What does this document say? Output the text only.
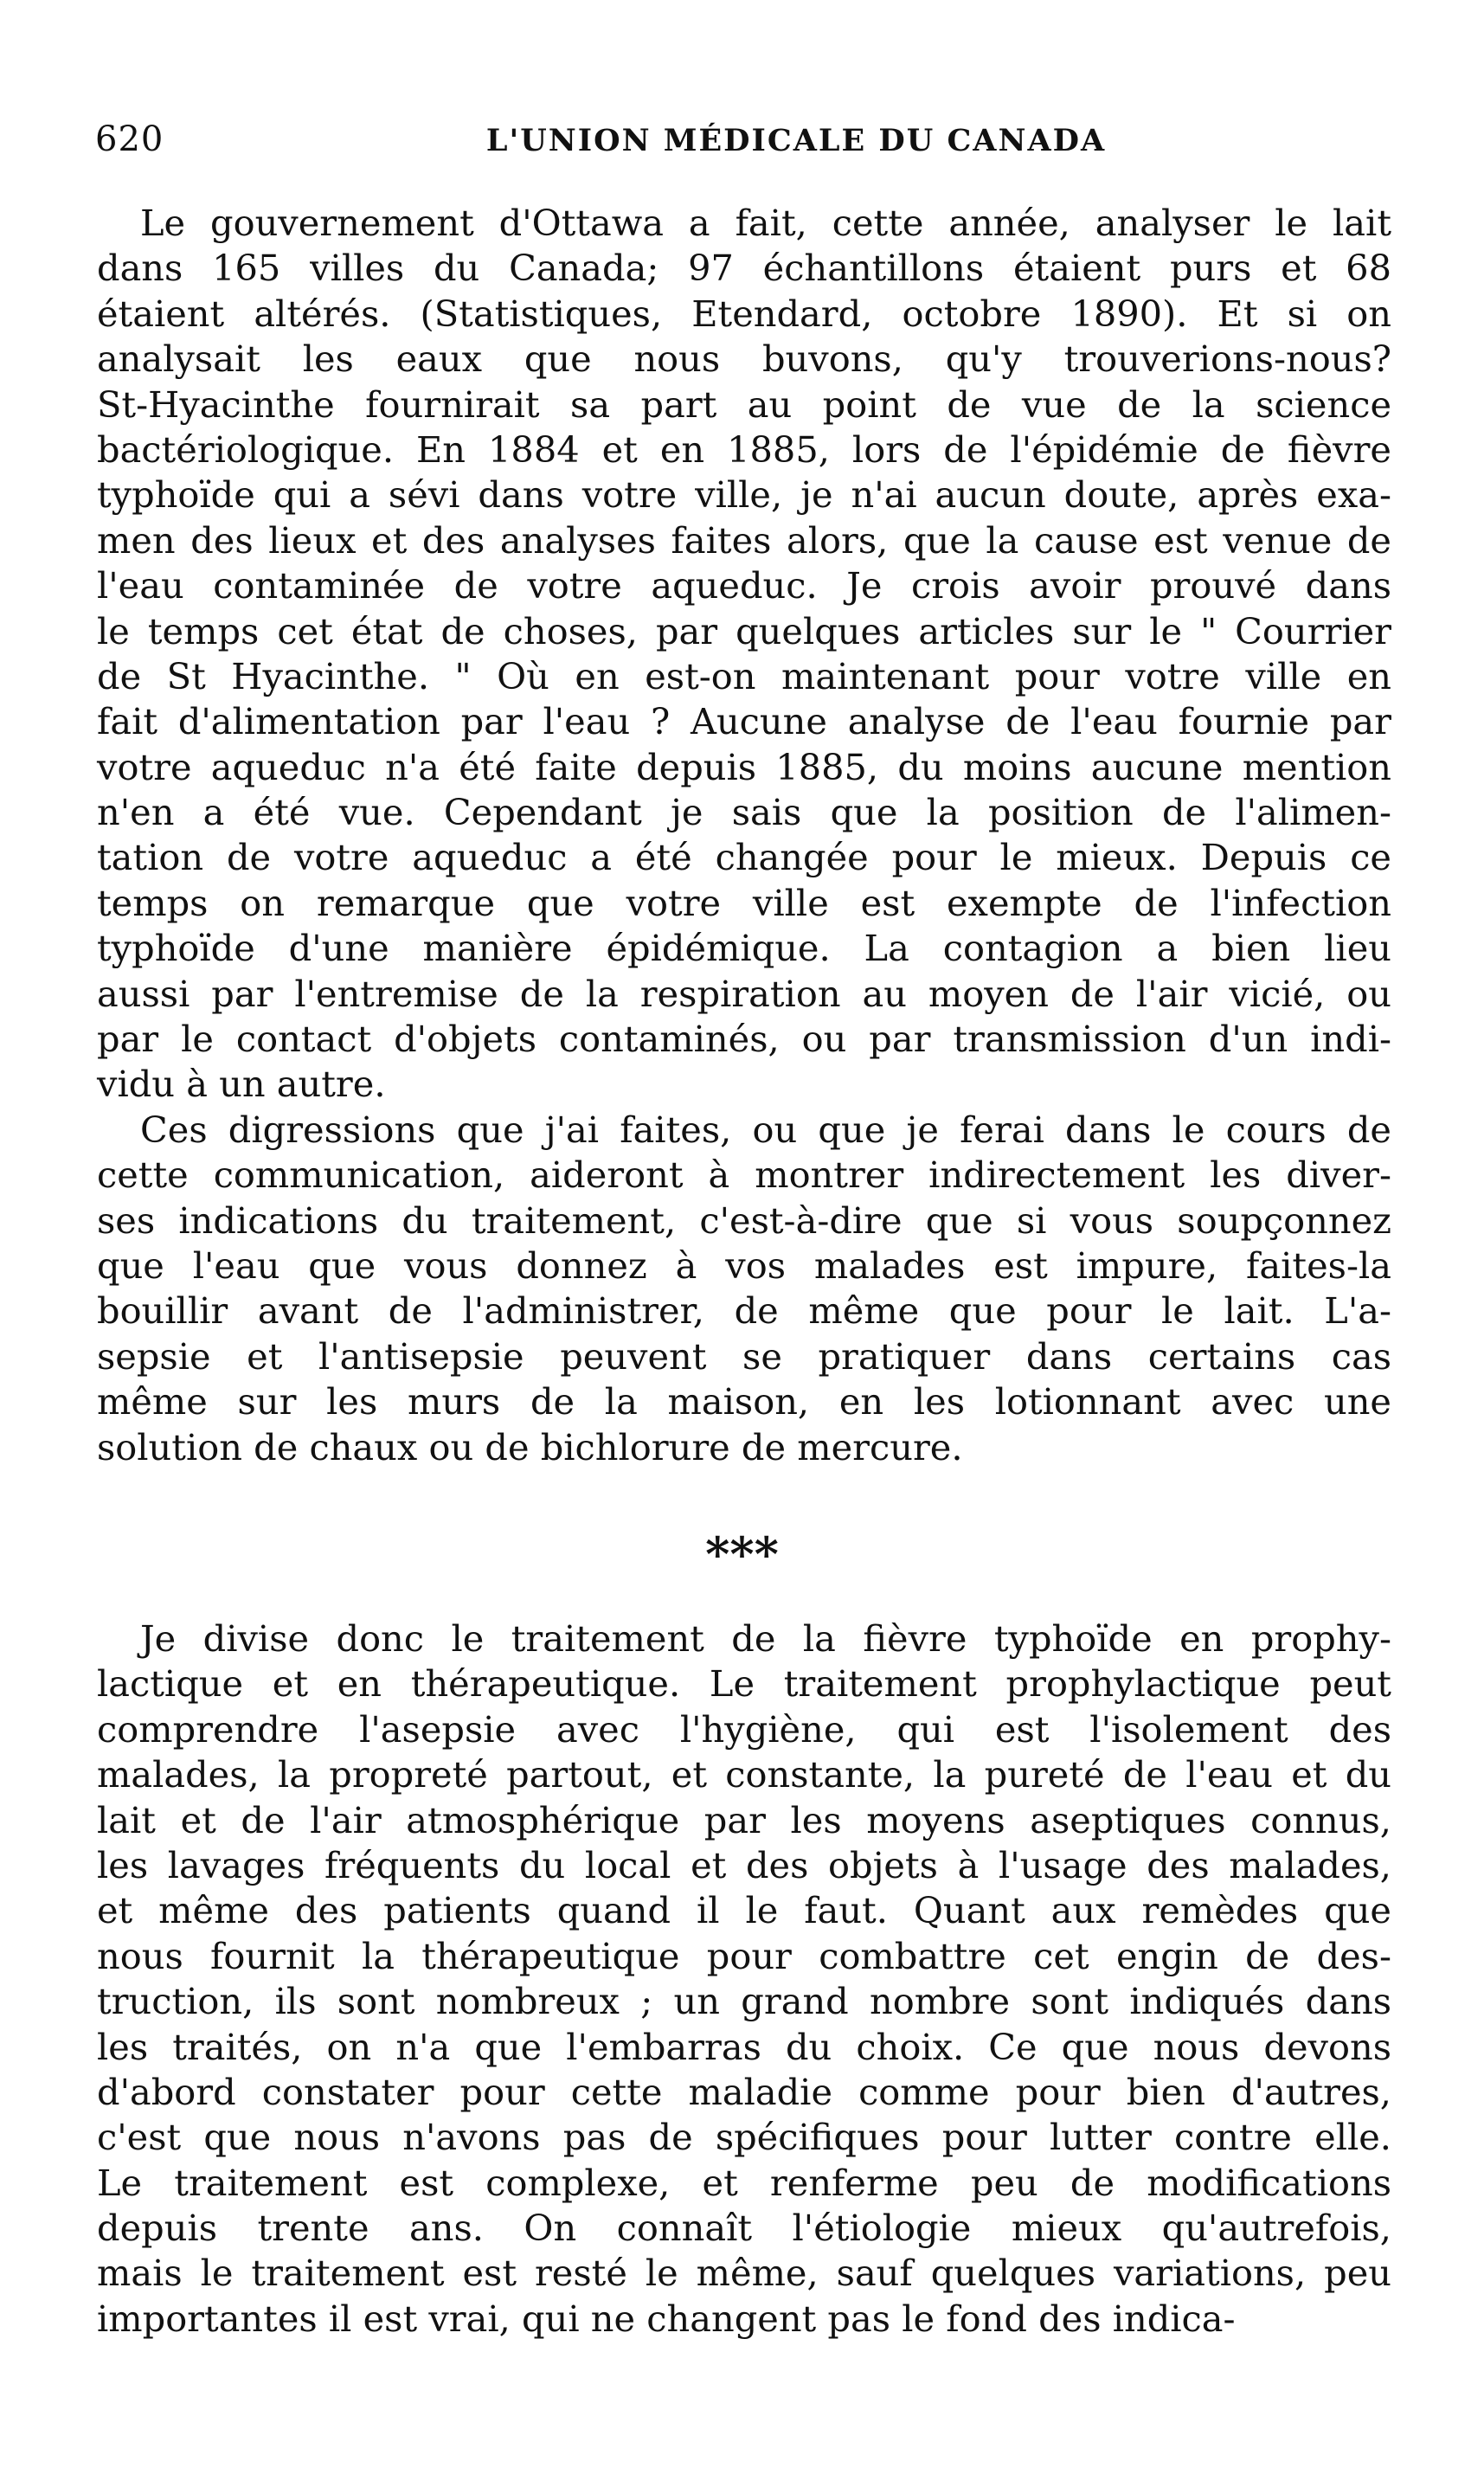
620	L'UNION MÉDICALE DU CANADA
Le gouvernement d'Ottawa a fait, cette année, analyser le lait
dans 165 villes du Canada; 97 échantillons étaient purs et 68
étaient altérés. (Statistiques, Etendard, octobre 1890). Et si on
analysait les eaux que nous buvons, qu'y trouverions-nous?
St-Hyacinthe fournirait sa part au point de vue de la science
bactériologique. En 1884 et en 1885, lors de l'épidémie de fièvre
typhoïde qui a sévi dans votre ville, je n'ai aucun doute, après exa-
men des lieux et des analyses faites alors, que la cause est venue de
l'eau contaminée de votre aqueduc. Je crois avoir prouvé dans
le temps cet état de choses, par quelques articles sur le " Courrier
de St Hyacinthe. " Où en est-on maintenant pour votre ville en
fait d'alimentation par l'eau ? Aucune analyse de l'eau fournie par
votre aqueduc n'a été faite depuis 1885, du moins aucune mention
n'en a été vue. Cependant je sais que la position de l'alimen-
tation de votre aqueduc a été changée pour le mieux. Depuis ce
temps on remarque que votre ville est exempte de l'infection
typhoïde d'une manière épidémique. La contagion a bien lieu
aussi par l'entremise de la respiration au moyen de l'air vicié, ou
par le contact d'objets contaminés, ou par transmission d'un indi-
vidu à un autre.
Ces digressions que j'ai faites, ou que je ferai dans le cours de
cette communication, aideront à montrer indirectement les diver-
ses indications du traitement, c'est-à-dire que si vous soupçonnez
que l'eau que vous donnez à vos malades est impure, faites-la
bouillir avant de l'administrer, de même que pour le lait. L'a-
sepsie et l'antisepsie peuvent se pratiquer dans certains cas
même sur les murs de la maison, en les lotionnant avec une
solution de chaux ou de bichlorure de mercure.
***
Je divise donc le traitement de la fièvre typhoïde en prophy-
lactique et en thérapeutique. Le traitement prophylactique peut
comprendre l'asepsie avec l'hygiène, qui est l'isolement des
malades, la propreté partout, et constante, la pureté de l'eau et du
lait et de l'air atmosphérique par les moyens aseptiques connus,
les lavages fréquents du local et des objets à l'usage des malades,
et même des patients quand il le faut. Quant aux remèdes que
nous fournit la thérapeutique pour combattre cet engin de des-
truction, ils sont nombreux ; un grand nombre sont indiqués dans
les traités, on n'a que l'embarras du choix. Ce que nous devons
d'abord constater pour cette maladie comme pour bien d'autres,
c'est que nous n'avons pas de spécifiques pour lutter contre elle.
Le traitement est complexe, et renferme peu de modifications
depuis trente ans. On connaît l'étiologie mieux qu'autrefois,
mais le traitement est resté le même, sauf quelques variations, peu
importantes il est vrai, qui ne changent pas le fond des indica-
